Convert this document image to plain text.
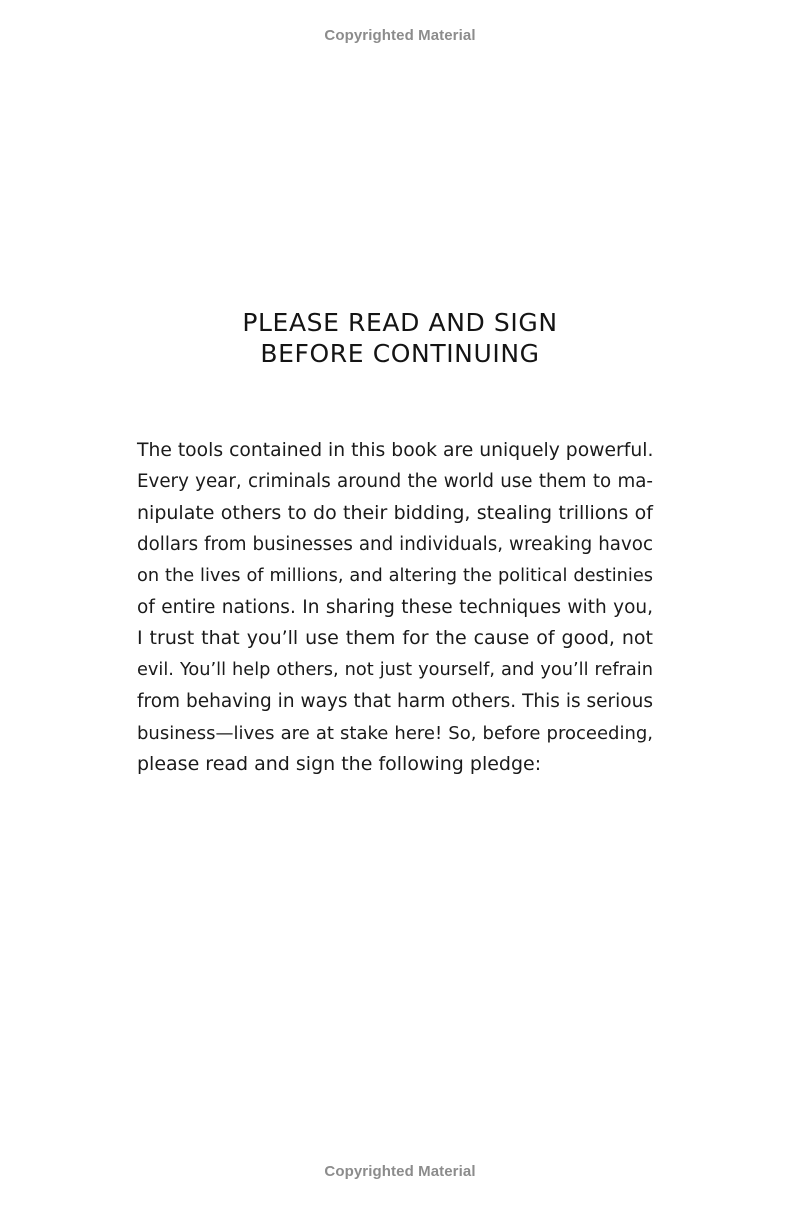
Copyrighted Material
PLEASE READ AND SIGN
BEFORE CONTINUING
The tools contained in this book are uniquely powerful.
Every year, criminals around the world use them to ma-
nipulate others to do their bidding, stealing trillions of
dollars from businesses and individuals, wreaking havoc
on the lives of millions, and altering the political destinies
of entire nations. In sharing these techniques with you,
I trust that you’ll use them for the cause of good, not
evil. You’ll help others, not just yourself, and you’ll refrain
from behaving in ways that harm others. This is serious
business—lives are at stake here! So, before proceeding,
please read and sign the following pledge:
Copyrighted Material
